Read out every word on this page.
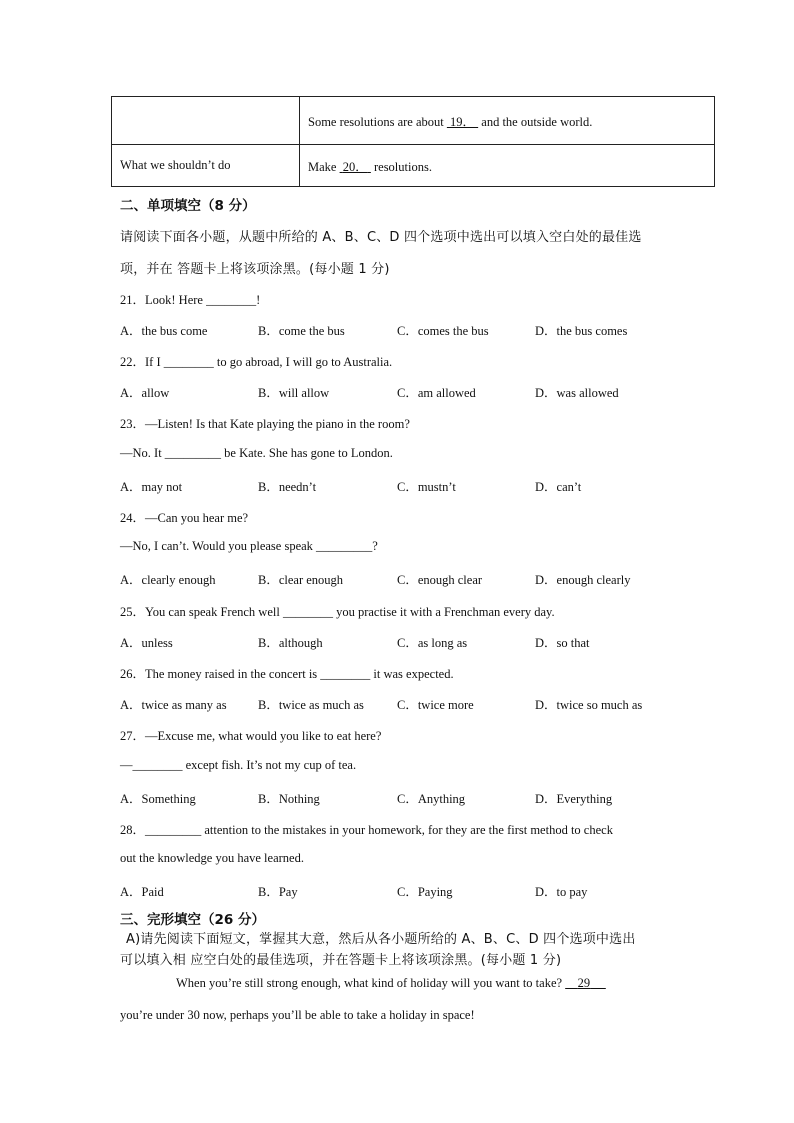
	Some resolutions are about  19．  and the outside world.
What we shouldn’t do	Make  20．  resolutions.
二、单项填空（8 分）
请阅读下面各小题，从题中所给的 A、B、C、D 四个选项中选出可以填入空白处的最佳选
项，并在 答题卡上将该项涂黑。(每小题 1 分)
21．Look! Here ________!
A．the bus come	B．come the bus	C．comes the bus	D．the bus comes
22．If I ________ to go abroad, I will go to Australia.
A．allow	B．will allow	C．am allowed	D．was allowed
23．—Listen! Is that Kate playing the piano in the room?
—No. It _________ be Kate. She has gone to London.
A．may not	B．needn’t	C．mustn’t	D．can’t
24．—Can you hear me?
—No, I can’t. Would you please speak _________?
A．clearly enough	B．clear enough	C．enough clear	D．enough clearly
25．You can speak French well ________ you practise it with a Frenchman every day.
A．unless	B．although	C．as long as	D．so that
26．The money raised in the concert is ________ it was expected.
A．twice as many as	B．twice as much as	C．twice more	D．twice so much as
27．—Excuse me, what would you like to eat here?
—________ except fish. It’s not my cup of tea.
A．Something	B．Nothing	C．Anything	D．Everything
28．_________ attention to the mistakes in your homework, for they are the first method to check
out the knowledge you have learned.
A．Paid	B．Pay	C．Paying	D．to pay
三、完形填空（26 分）
A)请先阅读下面短文，掌握其大意，然后从各小题所给的 A、B、C、D 四个选项中选出
可以填入相 应空白处的最佳选项，并在答题卡上将该项涂黑。(每小题 1 分)
When you’re still strong enough, what kind of holiday will you want to take?     29
you’re under 30 now, perhaps you’ll be able to take a holiday in space!
